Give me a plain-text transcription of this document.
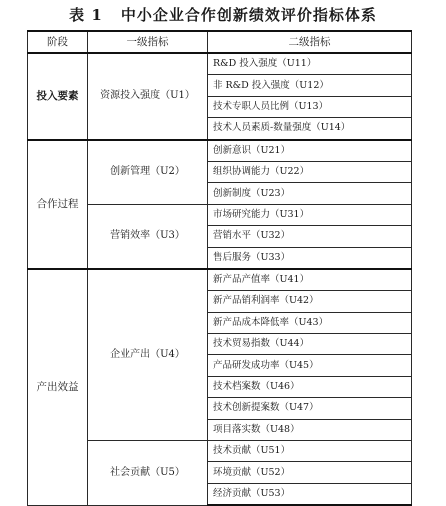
表 1 中小企业合作创新绩效评价指标体系
阶段	一级指标	二级指标
投入要素	资源投入强度（U1）	R&D 投入强度（U11）
		非 R&D 投入强度（U12）
		技术专职人员比例（U13）
		技术人员素质-数量强度（U14）
合作过程	创新管理（U2）	创新意识（U21）
		组织协调能力（U22）
		创新制度（U23）
	营销效率（U3）	市场研究能力（U31）
		营销水平（U32）
		售后服务（U33）
产出效益	企业产出（U4）	新产品产值率（U41）
		新产品销利润率（U42）
		新产品成本降低率（U43）
		技术贸易指数（U44）
		产品研发成功率（U45）
		技术档案数（U46）
		技术创新提案数（U47）
		项目落实数（U48）
	社会贡献（U5）	技术贡献（U51）
		环境贡献（U52）
		经济贡献（U53）
